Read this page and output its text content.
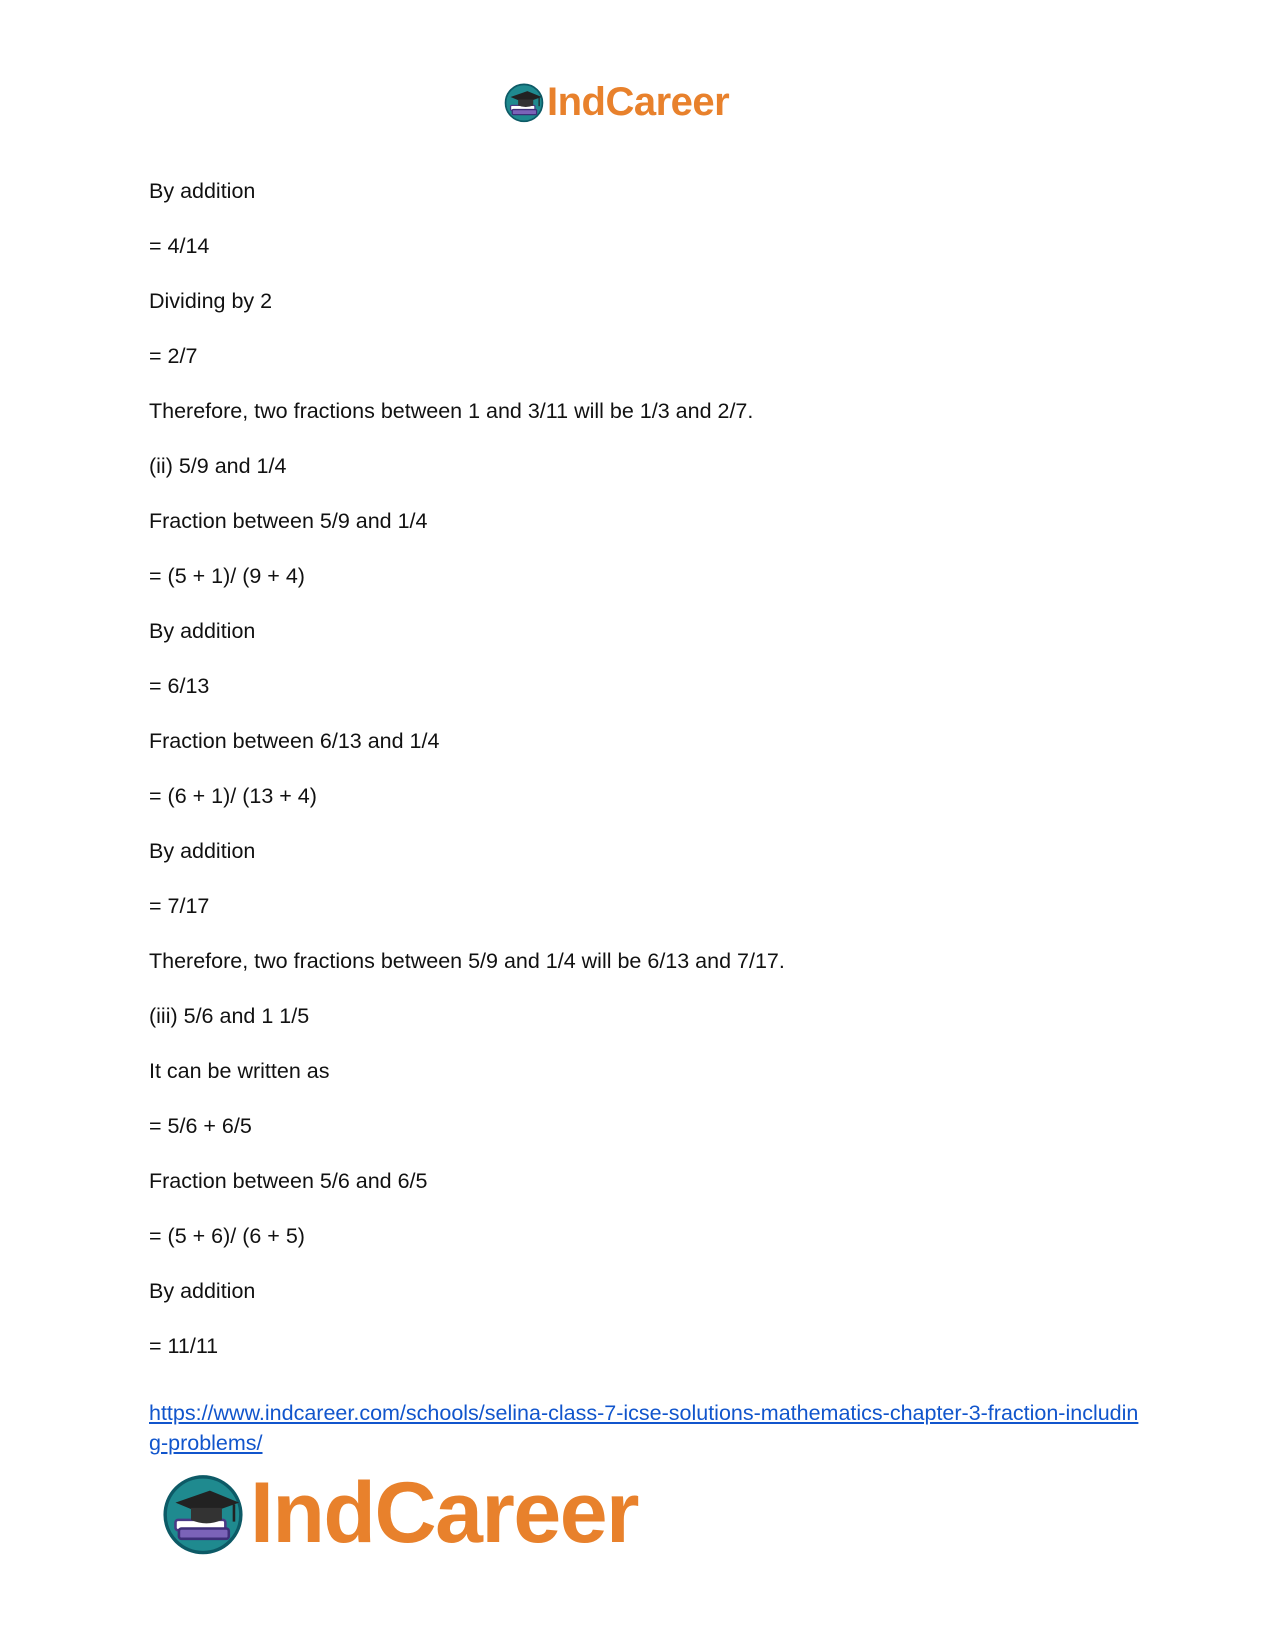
IndCareer
By addition
= 4/14
Dividing by 2
= 2/7
Therefore, two fractions between 1 and 3/11 will be 1/3 and 2/7.
(ii) 5/9 and 1/4
Fraction between 5/9 and 1/4
= (5 + 1)/ (9 + 4)
By addition
= 6/13
Fraction between 6/13 and 1/4
= (6 + 1)/ (13 + 4)
By addition
= 7/17
Therefore, two fractions between 5/9 and 1/4 will be 6/13 and 7/17.
(iii) 5/6 and 1 1/5
It can be written as
= 5/6 + 6/5
Fraction between 5/6 and 6/5
= (5 + 6)/ (6 + 5)
By addition
= 11/11
https://www.indcareer.com/schools/selina-class-7-icse-solutions-mathematics-chapter-3-fraction-including-problems/
IndCareer
